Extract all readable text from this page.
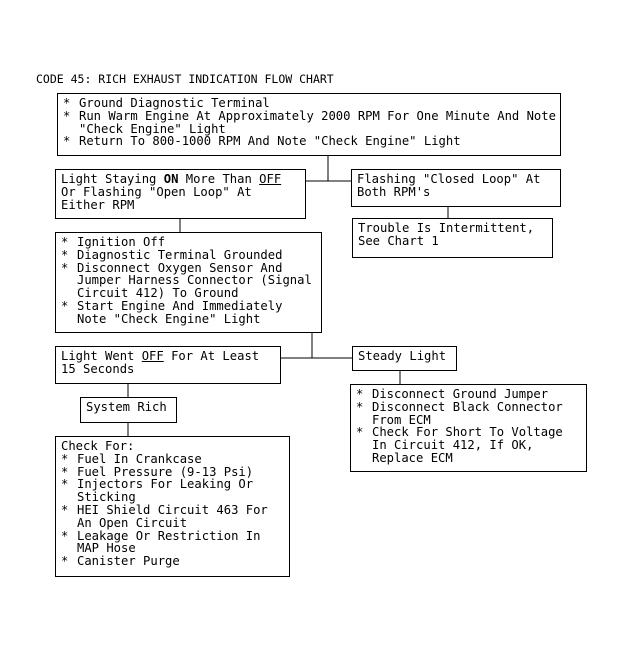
CODE 45: RICH EXHAUST INDICATION FLOW CHART
* Ground Diagnostic Terminal
* Run Warm Engine At Approximately 2000 RPM For One Minute And Note "Check Engine" Light
* Return To 800-1000 RPM And Note "Check Engine" Light
Light Staying ON More Than OFF
Or Flashing "Open Loop" At
Either RPM
Flashing "Closed Loop" At
Both RPM's
Trouble Is Intermittent,
See Chart 1
* Ignition Off
* Diagnostic Terminal Grounded
* Disconnect Oxygen Sensor And Jumper Harness Connector (Signal Circuit 412) To Ground
* Start Engine And Immediately Note "Check Engine" Light
Light Went OFF For At Least
15 Seconds
Steady Light
System Rich
* Disconnect Ground Jumper
* Disconnect Black Connector From ECM
* Check For Short To Voltage In Circuit 412, If OK, Replace ECM
Check For:
* Fuel In Crankcase
* Fuel Pressure (9-13 Psi)
* Injectors For Leaking Or Sticking
* HEI Shield Circuit 463 For An Open Circuit
* Leakage Or Restriction In MAP Hose
* Canister Purge
